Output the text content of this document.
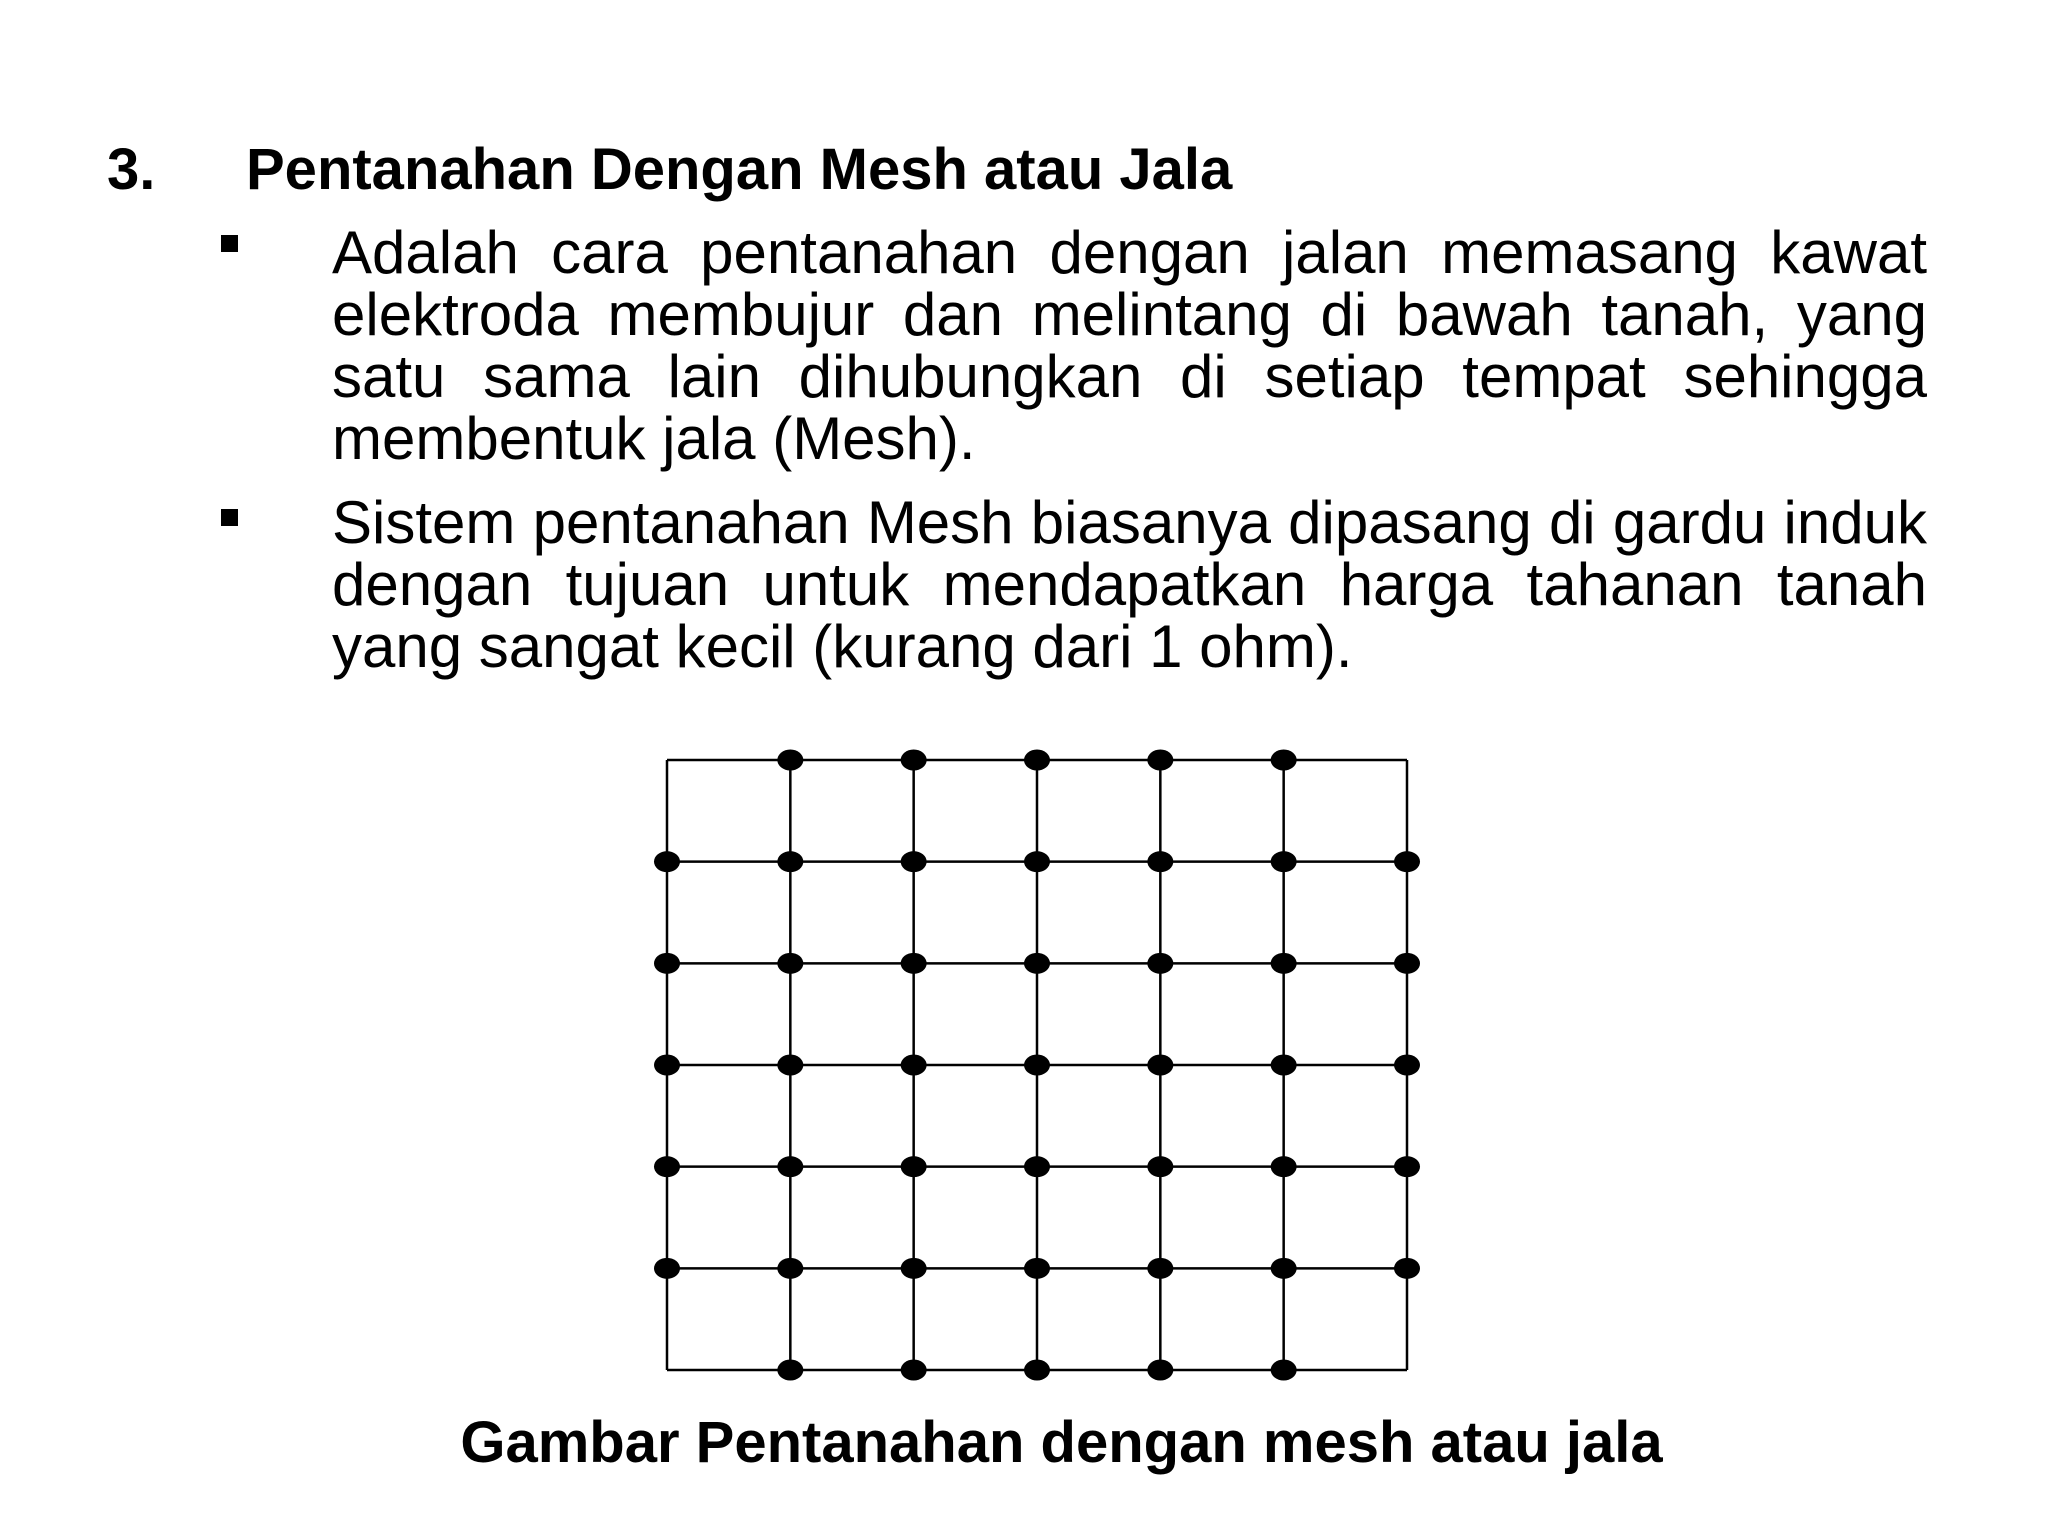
3. Pentanahan Dengan Mesh atau Jala
Adalah cara pentanahan dengan jalan memasang kawat elektroda membujur dan melintang di bawah tanah, yang satu sama lain dihubungkan di setiap tempat sehingga membentuk jala (Mesh).
Sistem pentanahan Mesh biasanya dipasang di gardu induk dengan tujuan untuk mendapatkan harga tahanan tanah yang sangat kecil (kurang dari 1 ohm).
Gambar Pentanahan dengan mesh atau jala
